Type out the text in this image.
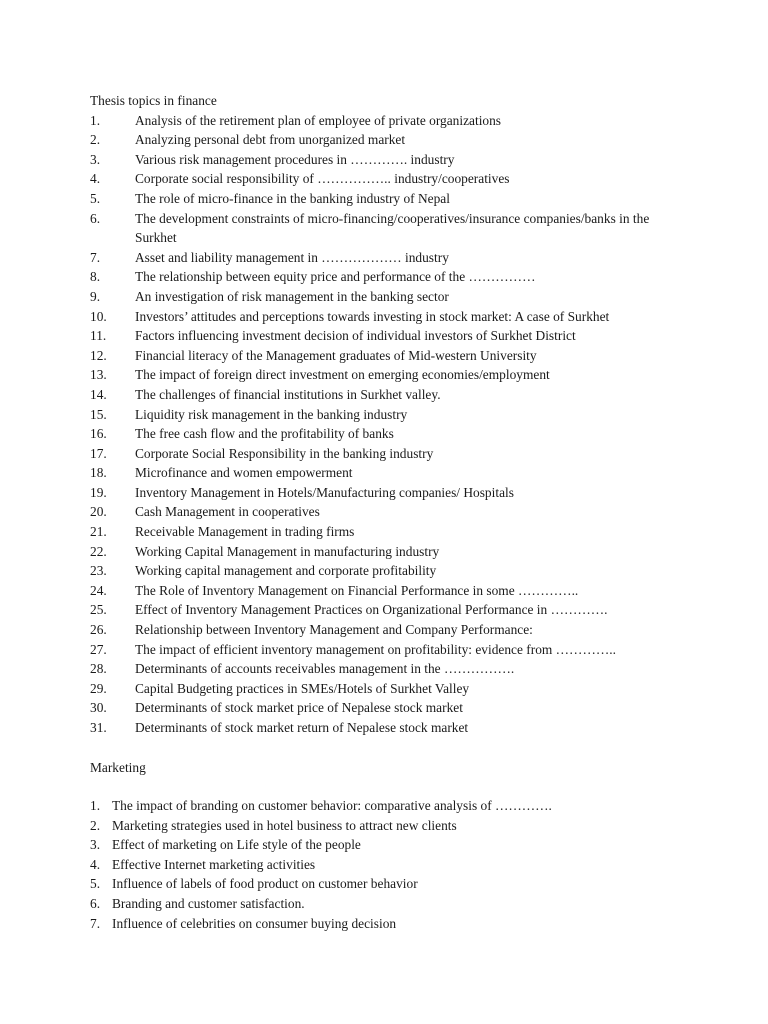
Thesis topics in finance
1.	Analysis of the retirement plan of employee of private organizations
2.	Analyzing personal debt from unorganized market
3.	Various risk management procedures in …………. industry
4.	Corporate social responsibility of …………….. industry/cooperatives
5.	The role of micro-finance in the banking industry of Nepal
6.	The development constraints of micro-financing/cooperatives/insurance companies/banks in the Surkhet
7.	Asset and liability management in ……………… industry
8.	The relationship between equity price and performance of the ……………
9.	An investigation of risk management in the banking sector
10.	Investors’ attitudes and perceptions towards investing in stock market: A case of Surkhet
11.	Factors influencing investment decision of individual investors of Surkhet District
12.	Financial literacy of the Management graduates of Mid-western University
13.	The impact of foreign direct investment on emerging economies/employment
14.	The challenges of financial institutions in Surkhet valley.
15.	Liquidity risk management in the banking industry
16.	The free cash flow and the profitability of banks
17.	Corporate Social Responsibility in the banking industry
18.	Microfinance and women empowerment
19.	Inventory Management in Hotels/Manufacturing companies/ Hospitals
20.	Cash Management in cooperatives
21.	Receivable Management in trading firms
22.	Working Capital Management in manufacturing industry
23.	Working capital management and corporate profitability
24.	The Role of Inventory Management on Financial Performance in some …………..
25.	Effect of Inventory Management Practices on Organizational Performance in ………….
26.	Relationship between Inventory Management and Company Performance:
27.	The impact of efficient inventory management on profitability: evidence from …………..
28.	Determinants of accounts receivables management in the …………….
29.	Capital Budgeting practices in SMEs/Hotels of Surkhet Valley
30.	Determinants of stock market price of Nepalese stock market
31.	Determinants of stock market return of Nepalese stock market
Marketing
1. The impact of branding on customer behavior: comparative analysis of ………….
2. Marketing strategies used in hotel business to attract new clients
3. Effect of marketing on Life style of the people
4. Effective Internet marketing activities
5. Influence of labels of food product on customer behavior
6. Branding and customer satisfaction.
7. Influence of celebrities on consumer buying decision
